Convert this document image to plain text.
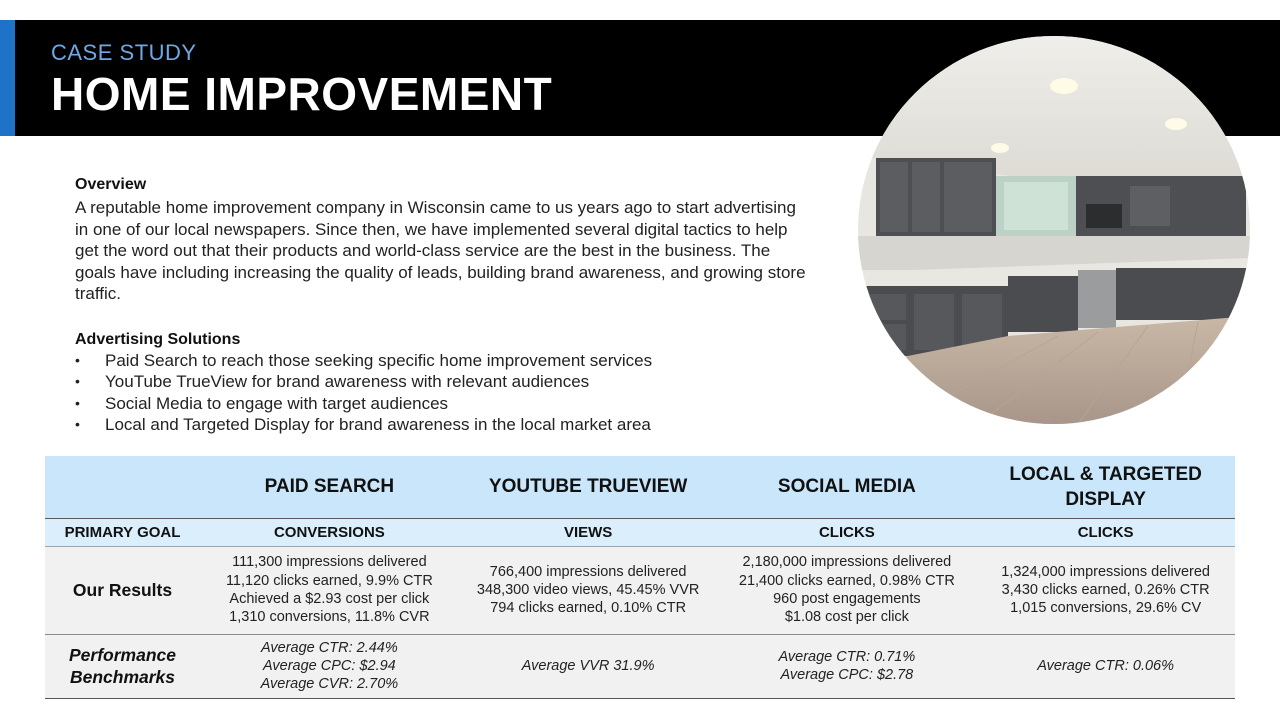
CASE STUDY
HOME IMPROVEMENT
Overview

A reputable home improvement company in Wisconsin came to us years ago to start advertising in one of our local newspapers. Since then, we have implemented several digital tactics to help get the word out that their products and world-class service are the best in the business. The goals have including increasing the quality of leads, building brand awareness, and growing store traffic.

Advertising Solutions
• Paid Search to reach those seeking specific home improvement services
• YouTube TrueView for brand awareness with relevant audiences
• Social Media to engage with target audiences
• Local and Targeted Display for brand awareness in the local market area
	PAID SEARCH	YOUTUBE TRUEVIEW	SOCIAL MEDIA	LOCAL & TARGETED DISPLAY
PRIMARY GOAL	CONVERSIONS	VIEWS	CLICKS	CLICKS
Our Results	111,300 impressions delivered
11,120 clicks earned, 9.9% CTR
Achieved a $2.93 cost per click
1,310 conversions, 11.8% CVR	766,400 impressions delivered
348,300 video views, 45.45% VVR
794 clicks earned, 0.10% CTR	2,180,000 impressions delivered
21,400 clicks earned, 0.98% CTR
960 post engagements
$1.08 cost per click	1,324,000 impressions delivered
3,430 clicks earned, 0.26% CTR
1,015 conversions, 29.6% CV

Performance
Benchmarks	Average CTR: 2.44%
Average CPC: $2.94
Average CVR: 2.70%	Average VVR 31.9%	Average CTR: 0.71%
Average CPC: $2.78	Average CTR: 0.06%
